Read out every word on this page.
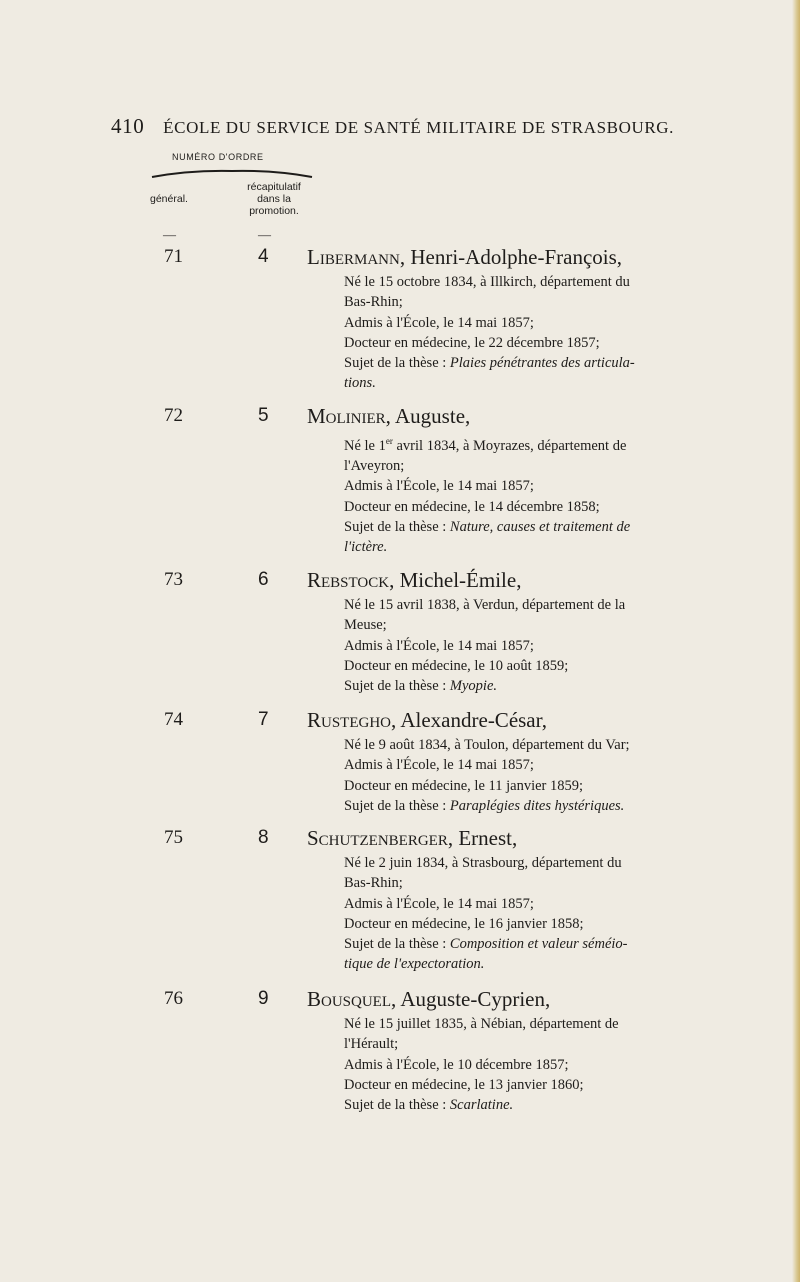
410 ÉCOLE DU SERVICE DE SANTÉ MILITAIRE DE STRASBOURG.
NUMÉRO D'ORDRE
récapitulatif
dans la
promotion.
général.
—	—
71	4 Libermann, Henri-Adolphe-François,
Né le 15 octobre 1834, à Illkirch, département du
Bas-Rhin;
Admis à l'École, le 14 mai 1857;
Docteur en médecine, le 22 décembre 1857;
Sujet de la thèse : Plaies pénétrantes des articula-
tions.
72	5 Molinier, Auguste,
Né le 1er avril 1834, à Moyrazes, département de
l'Aveyron;
Admis à l'École, le 14 mai 1857;
Docteur en médecine, le 14 décembre 1858;
Sujet de la thèse : Nature, causes et traitement de
l'ictère.
73	6 Rebstock, Michel-Émile,
Né le 15 avril 1838, à Verdun, département de la
Meuse;
Admis à l'École, le 14 mai 1857;
Docteur en médecine, le 10 août 1859;
Sujet de la thèse : Myopie.
74	7 Rustegho, Alexandre-César,
Né le 9 août 1834, à Toulon, département du Var;
Admis à l'École, le 14 mai 1857;
Docteur en médecine, le 11 janvier 1859;
Sujet de la thèse : Paraplégies dites hystériques.
75	8 Schutzenberger, Ernest,
Né le 2 juin 1834, à Strasbourg, département du
Bas-Rhin;
Admis à l'École, le 14 mai 1857;
Docteur en médecine, le 16 janvier 1858;
Sujet de la thèse : Composition et valeur séméio-
tique de l'expectoration.
76	9 Bousquel, Auguste-Cyprien,
Né le 15 juillet 1835, à Nébian, département de
l'Hérault;
Admis à l'École, le 10 décembre 1857;
Docteur en médecine, le 13 janvier 1860;
Sujet de la thèse : Scarlatine.
